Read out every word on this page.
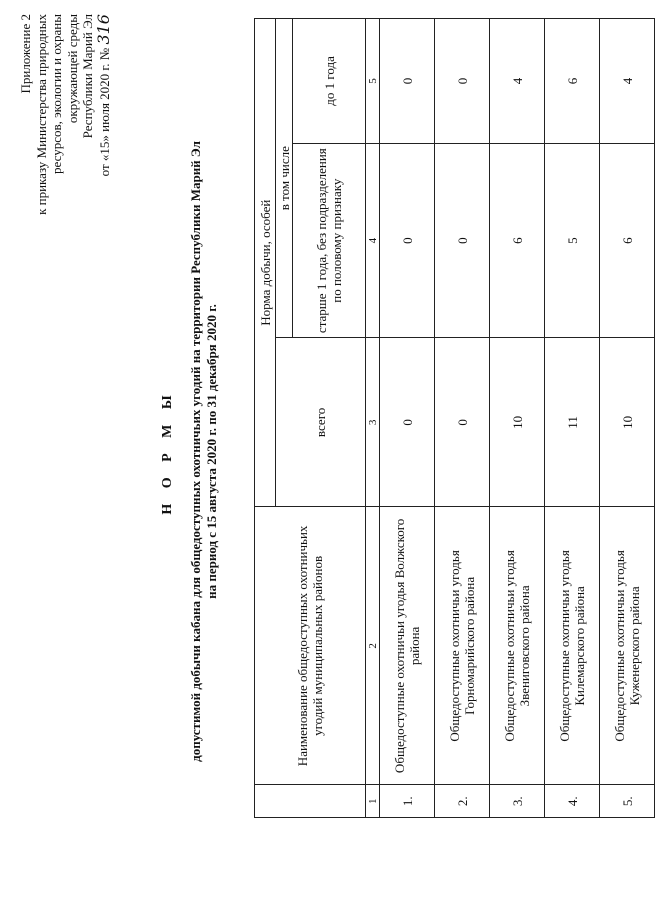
Приложение 2 к приказу Министерства природных ресурсов, экологии и охраны окружающей среды Республики Марий Эл от «15» июля 2020 г. № 316
Н О Р М Ы допустимой добычи кабана для общедоступных охотничьих угодий на территории Республики Марий Эл на период с 15 августа 2020 г. по 31 декабря 2020 г.
	Наименование общедоступных охотничьих угодий муниципальных районов	Норма добычи, особей		
		всего	в том числе	
			старше 1 года, без подразделения по половому признаку	до 1 года
1	2	3	4	5
1.	Общедоступные охотничьи угодья Волжского района	0	0	0
2.	Общедоступные охотничьи угодья Горномарийского района	0	0	0
3.	Общедоступные охотничьи угодья Звениговского района	10	6	4
4.	Общедоступные охотничьи угодья Килемарского района	11	5	6
5.	Общедоступные охотничьи угодья Куженерского района	10	6	4
